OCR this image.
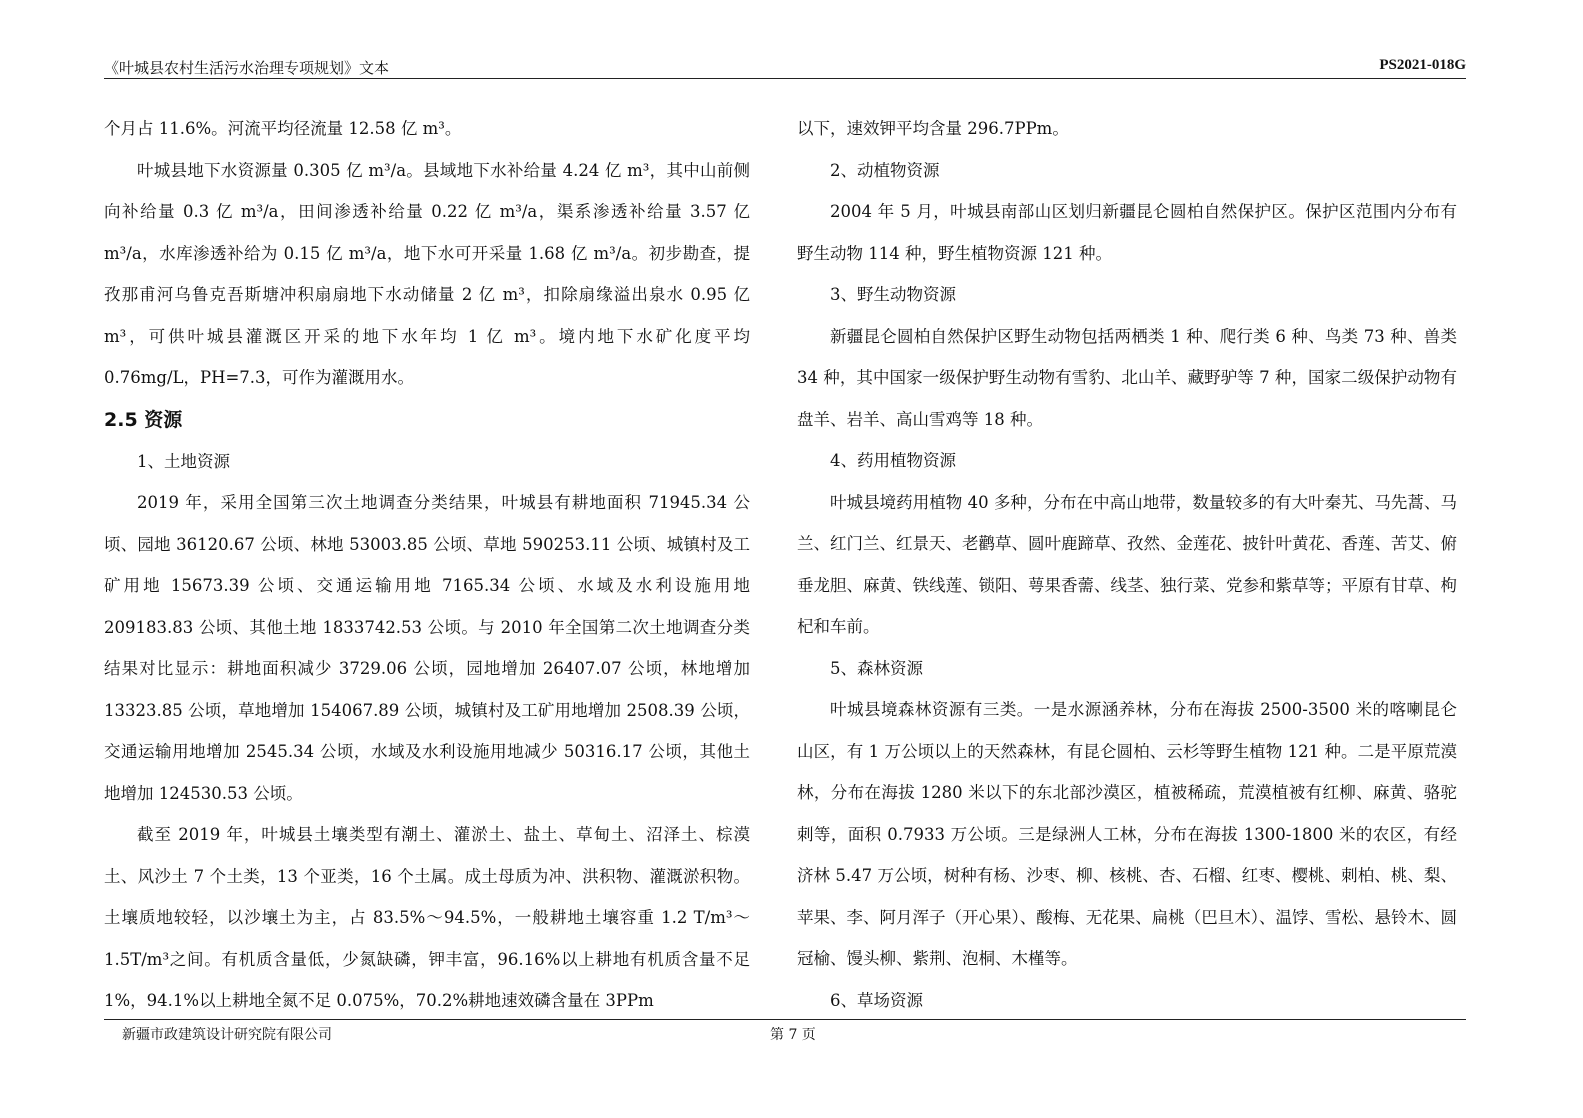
《叶城县农村生活污水治理专项规划》文本	PS2021-018G

个月占 11.6%。河流平均径流量 12.58 亿 m³。

叶城县地下水资源量 0.305 亿 m³/a。县域地下水补给量 4.24 亿 m³，其中山前侧向补给量 0.3 亿 m³/a，田间渗透补给量 0.22 亿 m³/a，渠系渗透补给量 3.57 亿 m³/a，水库渗透补给为 0.15 亿 m³/a，地下水可开采量 1.68 亿 m³/a。初步勘查，提孜那甫河乌鲁克吾斯塘冲积扇扇地下水动储量 2 亿 m³，扣除扇缘溢出泉水 0.95 亿 m³，可供叶城县灌溉区开采的地下水年均 1 亿 m³。境内地下水矿化度平均 0.76mg/L，PH=7.3，可作为灌溉用水。

2.5 资源

1、土地资源

2019 年，采用全国第三次土地调查分类结果，叶城县有耕地面积 71945.34 公顷、园地 36120.67 公顷、林地 53003.85 公顷、草地 590253.11 公顷、城镇村及工矿用地 15673.39 公顷、交通运输用地 7165.34 公顷、水域及水利设施用地 209183.83 公顷、其他土地 1833742.53 公顷。与 2010 年全国第二次土地调查分类结果对比显示：耕地面积减少 3729.06 公顷，园地增加 26407.07 公顷，林地增加 13323.85 公顷，草地增加 154067.89 公顷，城镇村及工矿用地增加 2508.39 公顷，交通运输用地增加 2545.34 公顷，水域及水利设施用地减少 50316.17 公顷，其他土地增加 124530.53 公顷。

截至 2019 年，叶城县土壤类型有潮土、灌淤土、盐土、草甸土、沼泽土、棕漠土、风沙土 7 个土类，13 个亚类，16 个土属。成土母质为冲、洪积物、灌溉淤积物。土壤质地较轻，以沙壤土为主，占 83.5%～94.5%，一般耕地土壤容重 1.2 T/m³～1.5T/m³之间。有机质含量低，少氮缺磷，钾丰富，96.16%以上耕地有机质含量不足 1%，94.1%以上耕地全氮不足 0.075%，70.2%耕地速效磷含量在 3PPm

以下，速效钾平均含量 296.7PPm。

2、动植物资源

2004 年 5 月，叶城县南部山区划归新疆昆仑圆柏自然保护区。保护区范围内分布有野生动物 114 种，野生植物资源 121 种。

3、野生动物资源

新疆昆仑圆柏自然保护区野生动物包括两栖类 1 种、爬行类 6 种、鸟类 73 种、兽类 34 种，其中国家一级保护野生动物有雪豹、北山羊、藏野驴等 7 种，国家二级保护动物有盘羊、岩羊、高山雪鸡等 18 种。

4、药用植物资源

叶城县境药用植物 40 多种，分布在中高山地带，数量较多的有大叶秦艽、马先蒿、马兰、红门兰、红景天、老鹳草、圆叶鹿蹄草、孜然、金莲花、披针叶黄花、香莲、苦艾、俯垂龙胆、麻黄、铁线莲、锁阳、萼果香薷、线茎、独行菜、党参和紫草等；平原有甘草、枸杞和车前。

5、森林资源

叶城县境森林资源有三类。一是水源涵养林，分布在海拔 2500-3500 米的喀喇昆仑山区，有 1 万公顷以上的天然森林，有昆仑圆柏、云杉等野生植物 121 种。二是平原荒漠林，分布在海拔 1280 米以下的东北部沙漠区，植被稀疏，荒漠植被有红柳、麻黄、骆驼刺等，面积 0.7933 万公顷。三是绿洲人工林，分布在海拔 1300-1800 米的农区，有经济林 5.47 万公顷，树种有杨、沙枣、柳、核桃、杏、石榴、红枣、樱桃、刺柏、桃、梨、苹果、李、阿月浑子（开心果）、酸梅、无花果、扁桃（巴旦木）、温饽、雪松、悬铃木、圆冠榆、馒头柳、紫荆、泡桐、木槿等。

6、草场资源

新疆市政建筑设计研究院有限公司	第 7 页
